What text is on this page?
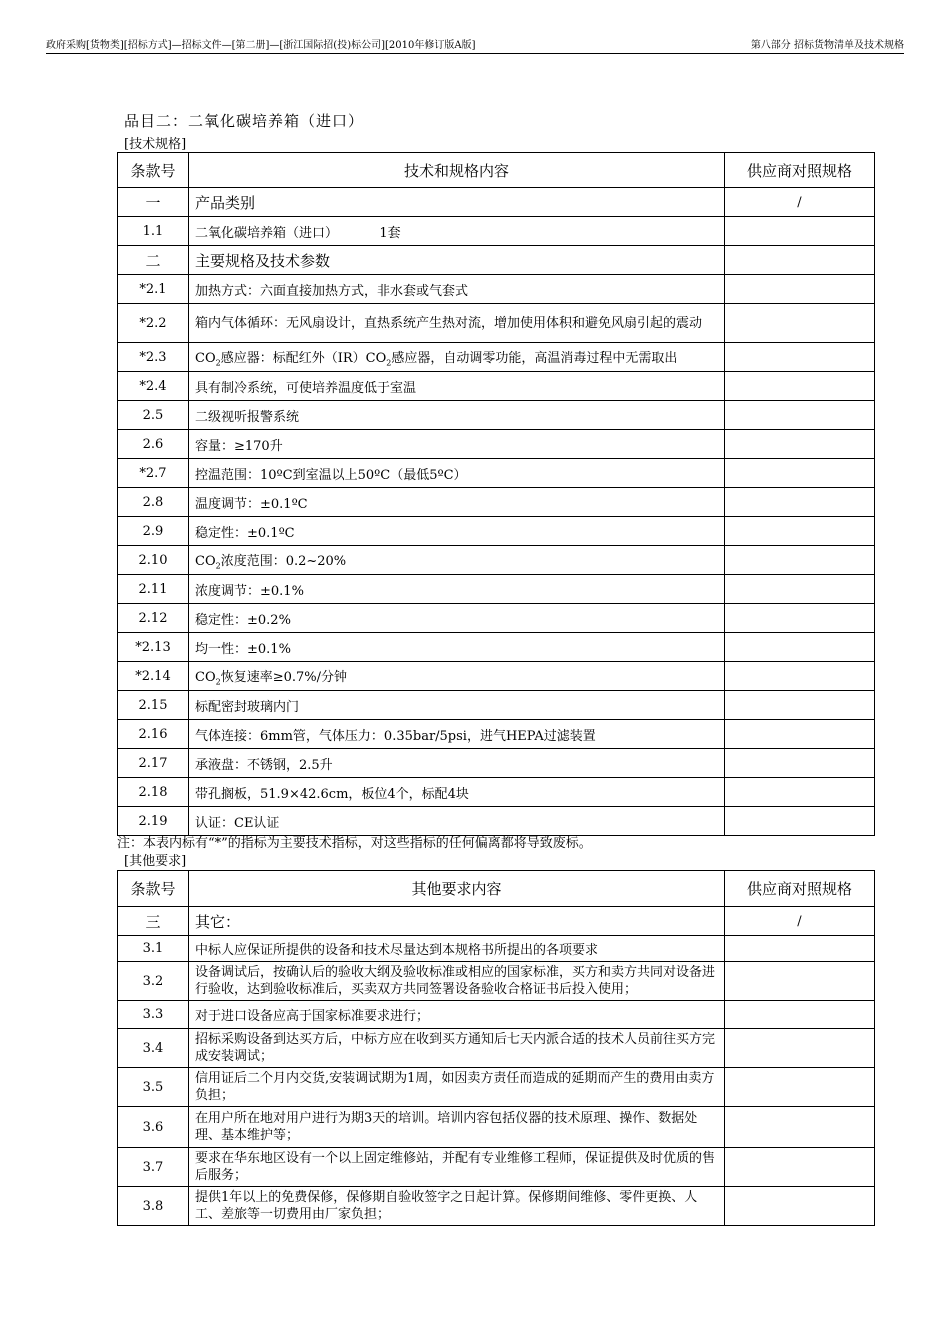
政府采购[货物类][招标方式]—招标文件—[第二册]—[浙江国际招(投)标公司][2010年修订版A版]	第八部分 招标货物清单及技术规格
品目二：二氧化碳培养箱（进口）
[技术规格]
条款号	技术和规格内容	供应商对照规格
一	产品类别	/
1.1	二氧化碳培养箱（进口）          1套	
二	主要规格及技术参数	
*2.1	加热方式：六面直接加热方式，非水套或气套式	
*2.2	箱内气体循环：无风扇设计，直热系统产生热对流，增加使用体积和避免风扇引起的震动	
*2.3	$CO_2$感应器：标配红外$(IR)CO_2$感应器，自动调零功能，高温消毒过程中无需取出	
*2.4	具有制冷系统，可使培养温度低于室温	
2.5	二级视听报警系统	
2.6	容量：≥170升	
*2.7	控温范围：10ºC到室温以上50ºC（最低5ºC）	
2.8	温度调节：±0.1ºC	
2.9	稳定性：±0.1ºC	
2.10	$CO_2$浓度范围：0.2~20%	
2.11	浓度调节：±0.1%	
2.12	稳定性：±0.2%	
*2.13	均一性：±0.1%	
*2.14	$CO_2$恢复速率≥0.7%/分钟	
2.15	标配密封玻璃内门	
2.16	气体连接：6mm管，气体压力：0.35bar/5psi，进气HEPA过滤装置	
2.17	承液盘：不锈钢，2.5升	
2.18	带孔搁板，51.9×42.6cm，板位4个，标配4块	
2.19	认证：CE认证	
注：本表内标有“*”的指标为主要技术指标，对这些指标的任何偏离都将导致废标。
[其他要求]
条款号	其他要求内容	供应商对照规格
三	其它：	/
3.1	中标人应保证所提供的设备和技术尽量达到本规格书所提出的各项要求	
3.2	设备调试后，按确认后的验收大纲及验收标准或相应的国家标准，买方和卖方共同对设备进行验收，达到验收标准后，买卖双方共同签署设备验收合格证书后投入使用；	
3.3	对于进口设备应高于国家标准要求进行；	
3.4	招标采购设备到达买方后，中标方应在收到买方通知后七天内派合适的技术人员前往买方完成安装调试；	
3.5	信用证后二个月内交货,安装调试期为1周，如因卖方责任而造成的延期而产生的费用由卖方负担；	
3.6	在用户所在地对用户进行为期3天的培训。培训内容包括仪器的技术原理、操作、数据处理、基本维护等；	
3.7	要求在华东地区设有一个以上固定维修站，并配有专业维修工程师，保证提供及时优质的售后服务；	
3.8	提供1年以上的免费保修，保修期自验收签字之日起计算。保修期间维修、零件更换、人工、差旅等一切费用由厂家负担；	
